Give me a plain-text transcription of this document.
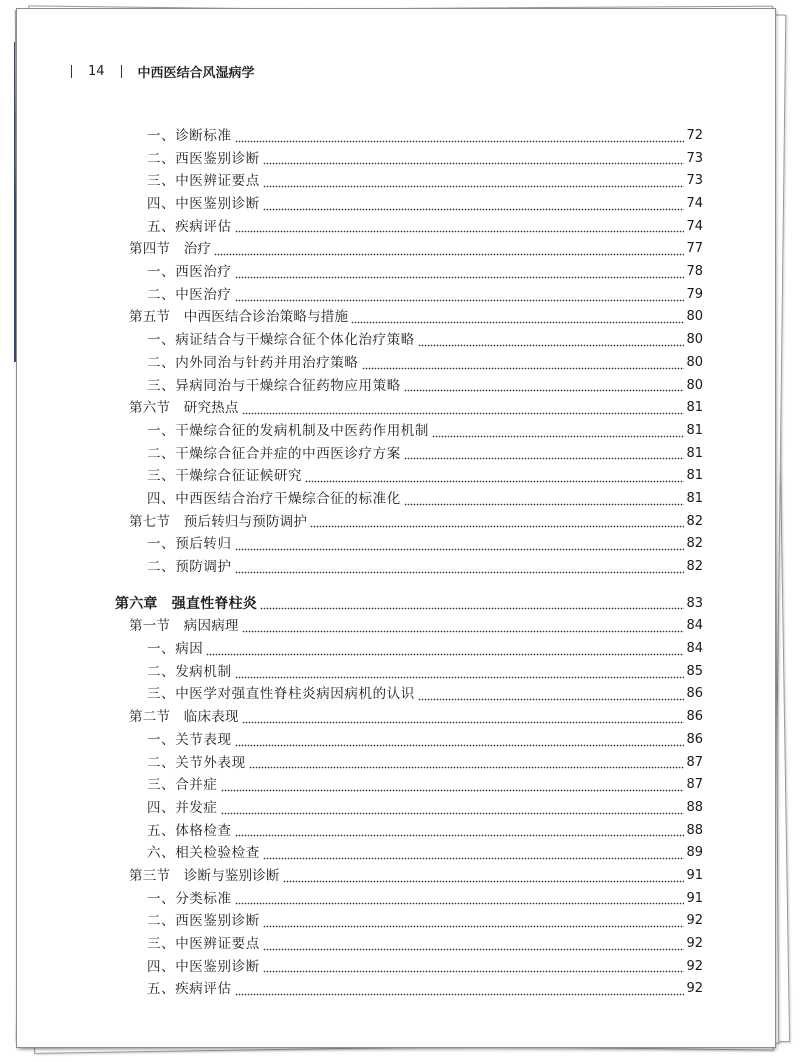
14	中西医结合风湿病学
一、诊断标准	72
二、西医鉴别诊断	73
三、中医辨证要点	73
四、中医鉴别诊断	74
五、疾病评估	74
第四节　治疗	77
一、西医治疗	78
二、中医治疗	79
第五节　中西医结合诊治策略与措施	80
一、病证结合与干燥综合征个体化治疗策略	80
二、内外同治与针药并用治疗策略	80
三、异病同治与干燥综合征药物应用策略	80
第六节　研究热点	81
一、干燥综合征的发病机制及中医药作用机制	81
二、干燥综合征合并症的中西医诊疗方案	81
三、干燥综合征证候研究	81
四、中西医结合治疗干燥综合征的标准化	81
第七节　预后转归与预防调护	82
一、预后转归	82
二、预防调护	82
第六章　强直性脊柱炎	83
第一节　病因病理	84
一、病因	84
二、发病机制	85
三、中医学对强直性脊柱炎病因病机的认识	86
第二节　临床表现	86
一、关节表现	86
二、关节外表现	87
三、合并症	87
四、并发症	88
五、体格检查	88
六、相关检验检查	89
第三节　诊断与鉴别诊断	91
一、分类标准	91
二、西医鉴别诊断	92
三、中医辨证要点	92
四、中医鉴别诊断	92
五、疾病评估	92
